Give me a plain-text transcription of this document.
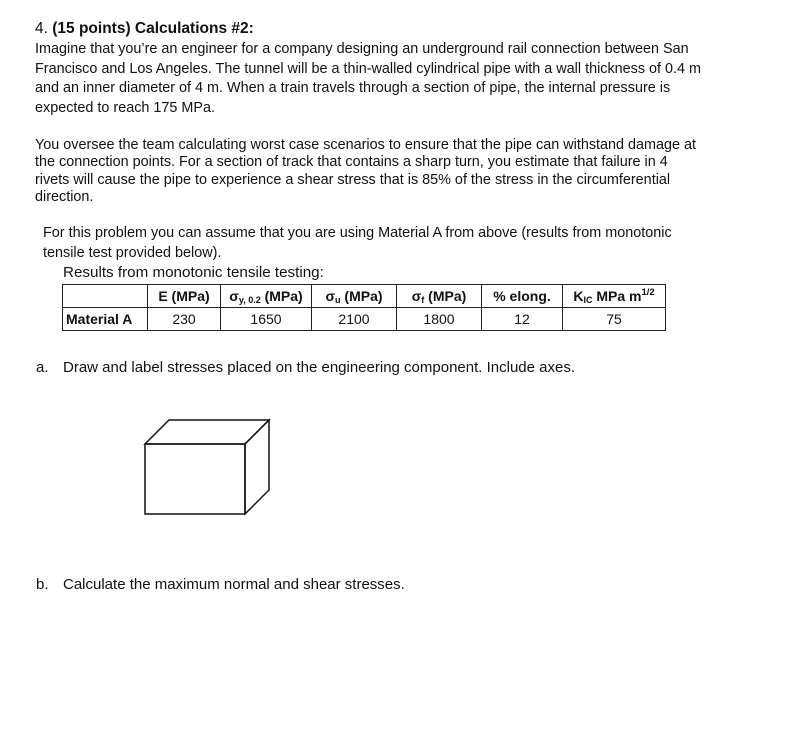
4. (15 points) Calculations #2:
Imagine that you’re an engineer for a company designing an underground rail connection between San
Francisco and Los Angeles. The tunnel will be a thin-walled cylindrical pipe with a wall thickness of 0.4 m
and an inner diameter of 4 m. When a train travels through a section of pipe, the internal pressure is
expected to reach 175 MPa.
You oversee the team calculating worst case scenarios to ensure that the pipe can withstand damage at
the connection points. For a section of track that contains a sharp turn, you estimate that failure in 4
rivets will cause the pipe to experience a shear stress that is 85% of the stress in the circumferential
direction.
For this problem you can assume that you are using Material A from above (results from monotonic
tensile test provided below).
Results from monotonic tensile testing:
	E (MPa)	$\sigma_{y, 0.2}$ (MPa)	$\sigma_u$ (MPa)	$\sigma_f$ (MPa)	% elong.	$K_{IC}$ MPa $m^{1/2}$
Material A	230	1650	2100	1800	12	75
a. Draw and label stresses placed on the engineering component. Include axes.
b. Calculate the maximum normal and shear stresses.
